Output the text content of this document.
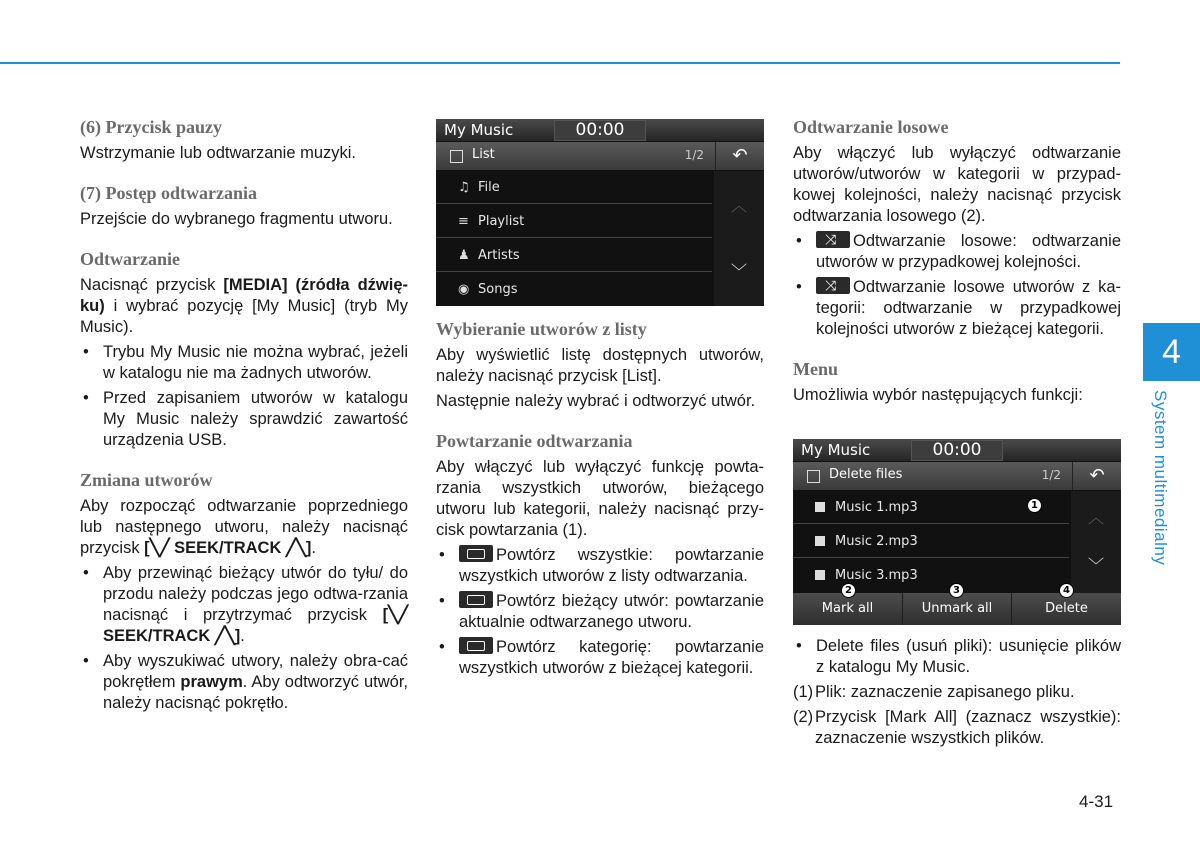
(6) Przycisk pauzy

Wstrzymanie lub odtwarzanie muzyki.

(7) Postęp odtwarzania

Przejście do wybranego fragmentu utworu.

Odtwarzanie

Nacisnąć przycisk [MEDIA] (źródła dźwię-ku) i wybrać pozycję [My Music] (tryb My Music).

• Trybu My Music nie można wybrać, jeżeli w katalogu nie ma żadnych utworów.
• Przed zapisaniem utworów w katalogu My Music należy sprawdzić zawartość urządzenia USB.
Zmiana utworów

Aby rozpocząć odtwarzanie poprzedniego lub następnego utworu, należy nacisnąć przycisk [╲╱ SEEK/TRACK ╱╲].

• Aby przewinąć bieżący utwór do tyłu/ do przodu należy podczas jego odtwa-rzania nacisnąć i przytrzymać przycisk [╲╱ SEEK/TRACK ╱╲].
• Aby wyszukiwać utwory, należy obra-cać pokrętłem prawym. Aby odtworzyć utwór, należy nacisnąć pokrętło.
My Music	00:00
List	1/2	↶
♫ File
≡ Playlist
♟ Artists
◉ Songs
︿
﹀
Wybieranie utworów z listy

Aby wyświetlić listę dostępnych utworów, należy nacisnąć przycisk [List].

Następnie należy wybrać i odtworzyć utwór.

Powtarzanie odtwarzania

Aby włączyć lub wyłączyć funkcję powta-rzania wszystkich utworów, bieżącego utworu lub kategorii, należy nacisnąć przy-cisk powtarzania (1).

• Powtórz wszystkie: powtarzanie wszystkich utworów z listy odtwarzania.
• Powtórz bieżący utwór: powtarzanie aktualnie odtwarzanego utworu.
• Powtórz kategorię: powtarzanie wszystkich utworów z bieżącej kategorii.
Odtwarzanie losowe

Aby włączyć lub wyłączyć odtwarzanie utworów/utworów w kategorii w przypad-kowej kolejności, należy nacisnąć przycisk odtwarzania losowego (2).

⤨• Odtwarzanie losowe: odtwarzanie utworów w przypadkowej kolejności.
⤨• Odtwarzanie losowe utworów z ka-tegorii: odtwarzanie w przypadkowej kolejności utworów z bieżącej kategorii.
Menu

Umożliwia wybór następujących funkcji:

• Delete files (usuń pliki): usunięcie plików z katalogu My Music.
(1) Plik: zaznaczenie zapisanego pliku.
(2) Przycisk [Mark All] (zaznacz wszystkie): zaznaczenie wszystkich plików.
My Music	00:00
Delete files	1/2	↶
Music 1.mp3
Music 2.mp3
Music 3.mp3
︿
﹀
Mark all	Unmark all	Delete
1
2	3	4
4
System multimedialny
4-31
